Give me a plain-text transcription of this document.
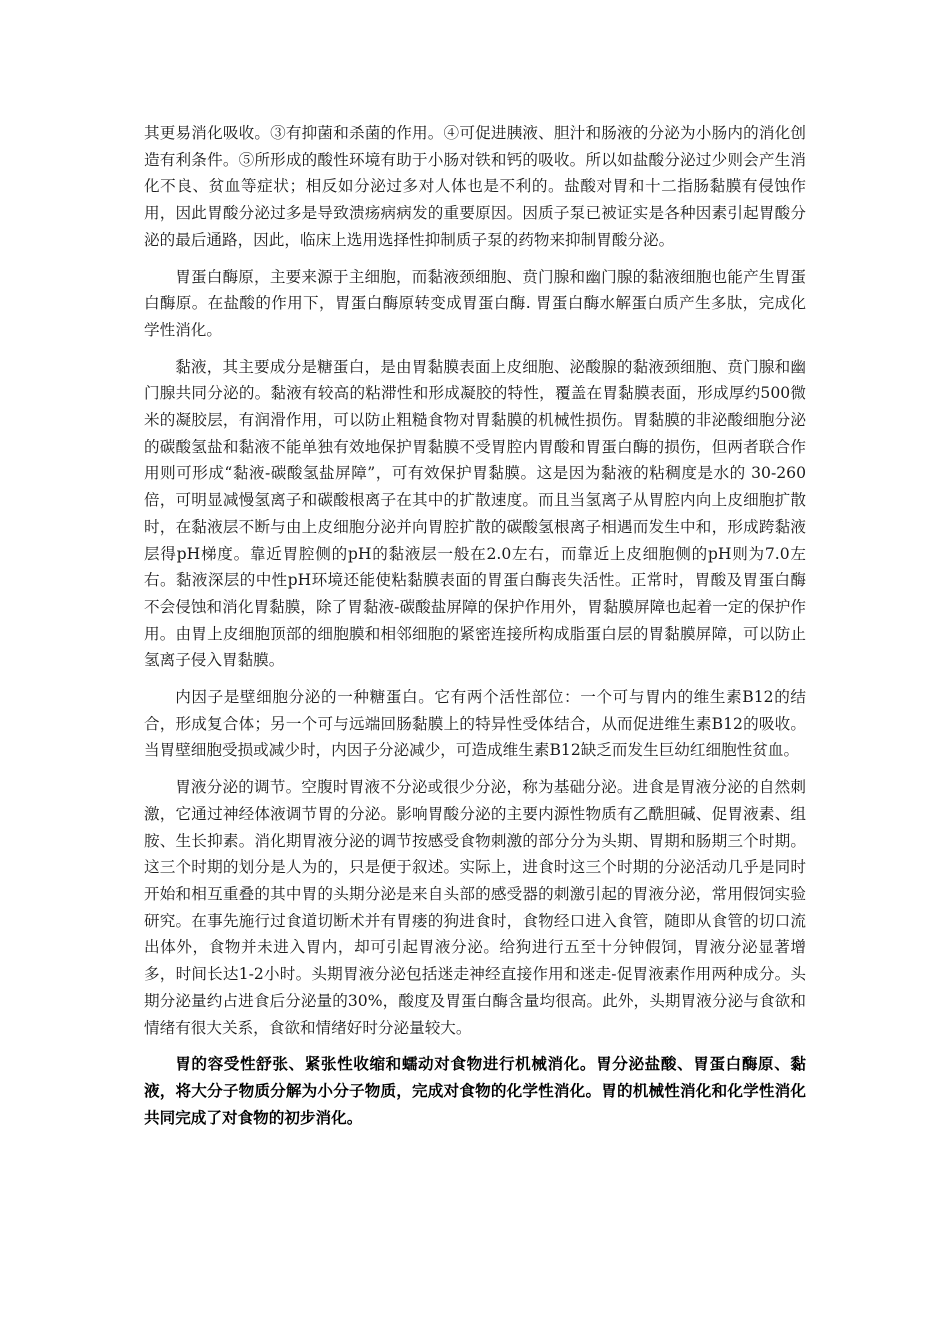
其更易消化吸收。③有抑菌和杀菌的作用。④可促进胰液、胆汁和肠液的分泌为小肠内的消化创造有利条件。⑤所形成的酸性环境有助于小肠对铁和钙的吸收。所以如盐酸分泌过少则会产生消化不良、贫血等症状；相反如分泌过多对人体也是不利的。盐酸对胃和十二指肠黏膜有侵蚀作用，因此胃酸分泌过多是导致溃疡病病发的重要原因。因质子泵已被证实是各种因素引起胃酸分泌的最后通路，因此，临床上选用选择性抑制质子泵的药物来抑制胃酸分泌。

胃蛋白酶原，主要来源于主细胞，而黏液颈细胞、贲门腺和幽门腺的黏液细胞也能产生胃蛋白酶原。在盐酸的作用下，胃蛋白酶原转变成胃蛋白酶. 胃蛋白酶水解蛋白质产生多肽，完成化学性消化。

黏液，其主要成分是糖蛋白，是由胃黏膜表面上皮细胞、泌酸腺的黏液颈细胞、贲门腺和幽门腺共同分泌的。黏液有较高的粘滞性和形成凝胶的特性，覆盖在胃黏膜表面，形成厚约500微米的凝胶层，有润滑作用，可以防止粗糙食物对胃黏膜的机械性损伤。胃黏膜的非泌酸细胞分泌的碳酸氢盐和黏液不能单独有效地保护胃黏膜不受胃腔内胃酸和胃蛋白酶的损伤，但两者联合作用则可形成“黏液-碳酸氢盐屏障”，可有效保护胃黏膜。这是因为黏液的粘稠度是水的 30-260 倍，可明显减慢氢离子和碳酸根离子在其中的扩散速度。而且当氢离子从胃腔内向上皮细胞扩散时，在黏液层不断与由上皮细胞分泌并向胃腔扩散的碳酸氢根离子相遇而发生中和，形成跨黏液层得pH梯度。靠近胃腔侧的pH的黏液层一般在2.0左右，而靠近上皮细胞侧的pH则为7.0左右。黏液深层的中性pH环境还能使粘黏膜表面的胃蛋白酶丧失活性。正常时，胃酸及胃蛋白酶不会侵蚀和消化胃黏膜，除了胃黏液-碳酸盐屏障的保护作用外，胃黏膜屏障也起着一定的保护作用。由胃上皮细胞顶部的细胞膜和相邻细胞的紧密连接所构成脂蛋白层的胃黏膜屏障，可以防止氢离子侵入胃黏膜。

内因子是壁细胞分泌的一种糖蛋白。它有两个活性部位：一个可与胃内的维生素B12的结合，形成复合体；另一个可与远端回肠黏膜上的特异性受体结合，从而促进维生素B12的吸收。当胃壁细胞受损或减少时，内因子分泌减少，可造成维生素B12缺乏而发生巨幼红细胞性贫血。

胃液分泌的调节。空腹时胃液不分泌或很少分泌，称为基础分泌。进食是胃液分泌的自然刺激，它通过神经体液调节胃的分泌。影响胃酸分泌的主要内源性物质有乙酰胆碱、促胃液素、组胺、生长抑素。消化期胃液分泌的调节按感受食物刺激的部分分为头期、胃期和肠期三个时期。这三个时期的划分是人为的，只是便于叙述。实际上，进食时这三个时期的分泌活动几乎是同时开始和相互重叠的其中胃的头期分泌是来自头部的感受器的刺激引起的胃液分泌，常用假饲实验研究。在事先施行过食道切断术并有胃瘘的狗进食时，食物经口进入食管，随即从食管的切口流出体外，食物并未进入胃内，却可引起胃液分泌。给狗进行五至十分钟假饲，胃液分泌显著增多，时间长达1-2小时。头期胃液分泌包括迷走神经直接作用和迷走-促胃液素作用两种成分。头期分泌量约占进食后分泌量的30%，酸度及胃蛋白酶含量均很高。此外，头期胃液分泌与食欲和情绪有很大关系，食欲和情绪好时分泌量较大。

胃的容受性舒张、紧张性收缩和蠕动对食物进行机械消化。胃分泌盐酸、胃蛋白酶原、黏液，将大分子物质分解为小分子物质，完成对食物的化学性消化。胃的机械性消化和化学性消化共同完成了对食物的初步消化。
